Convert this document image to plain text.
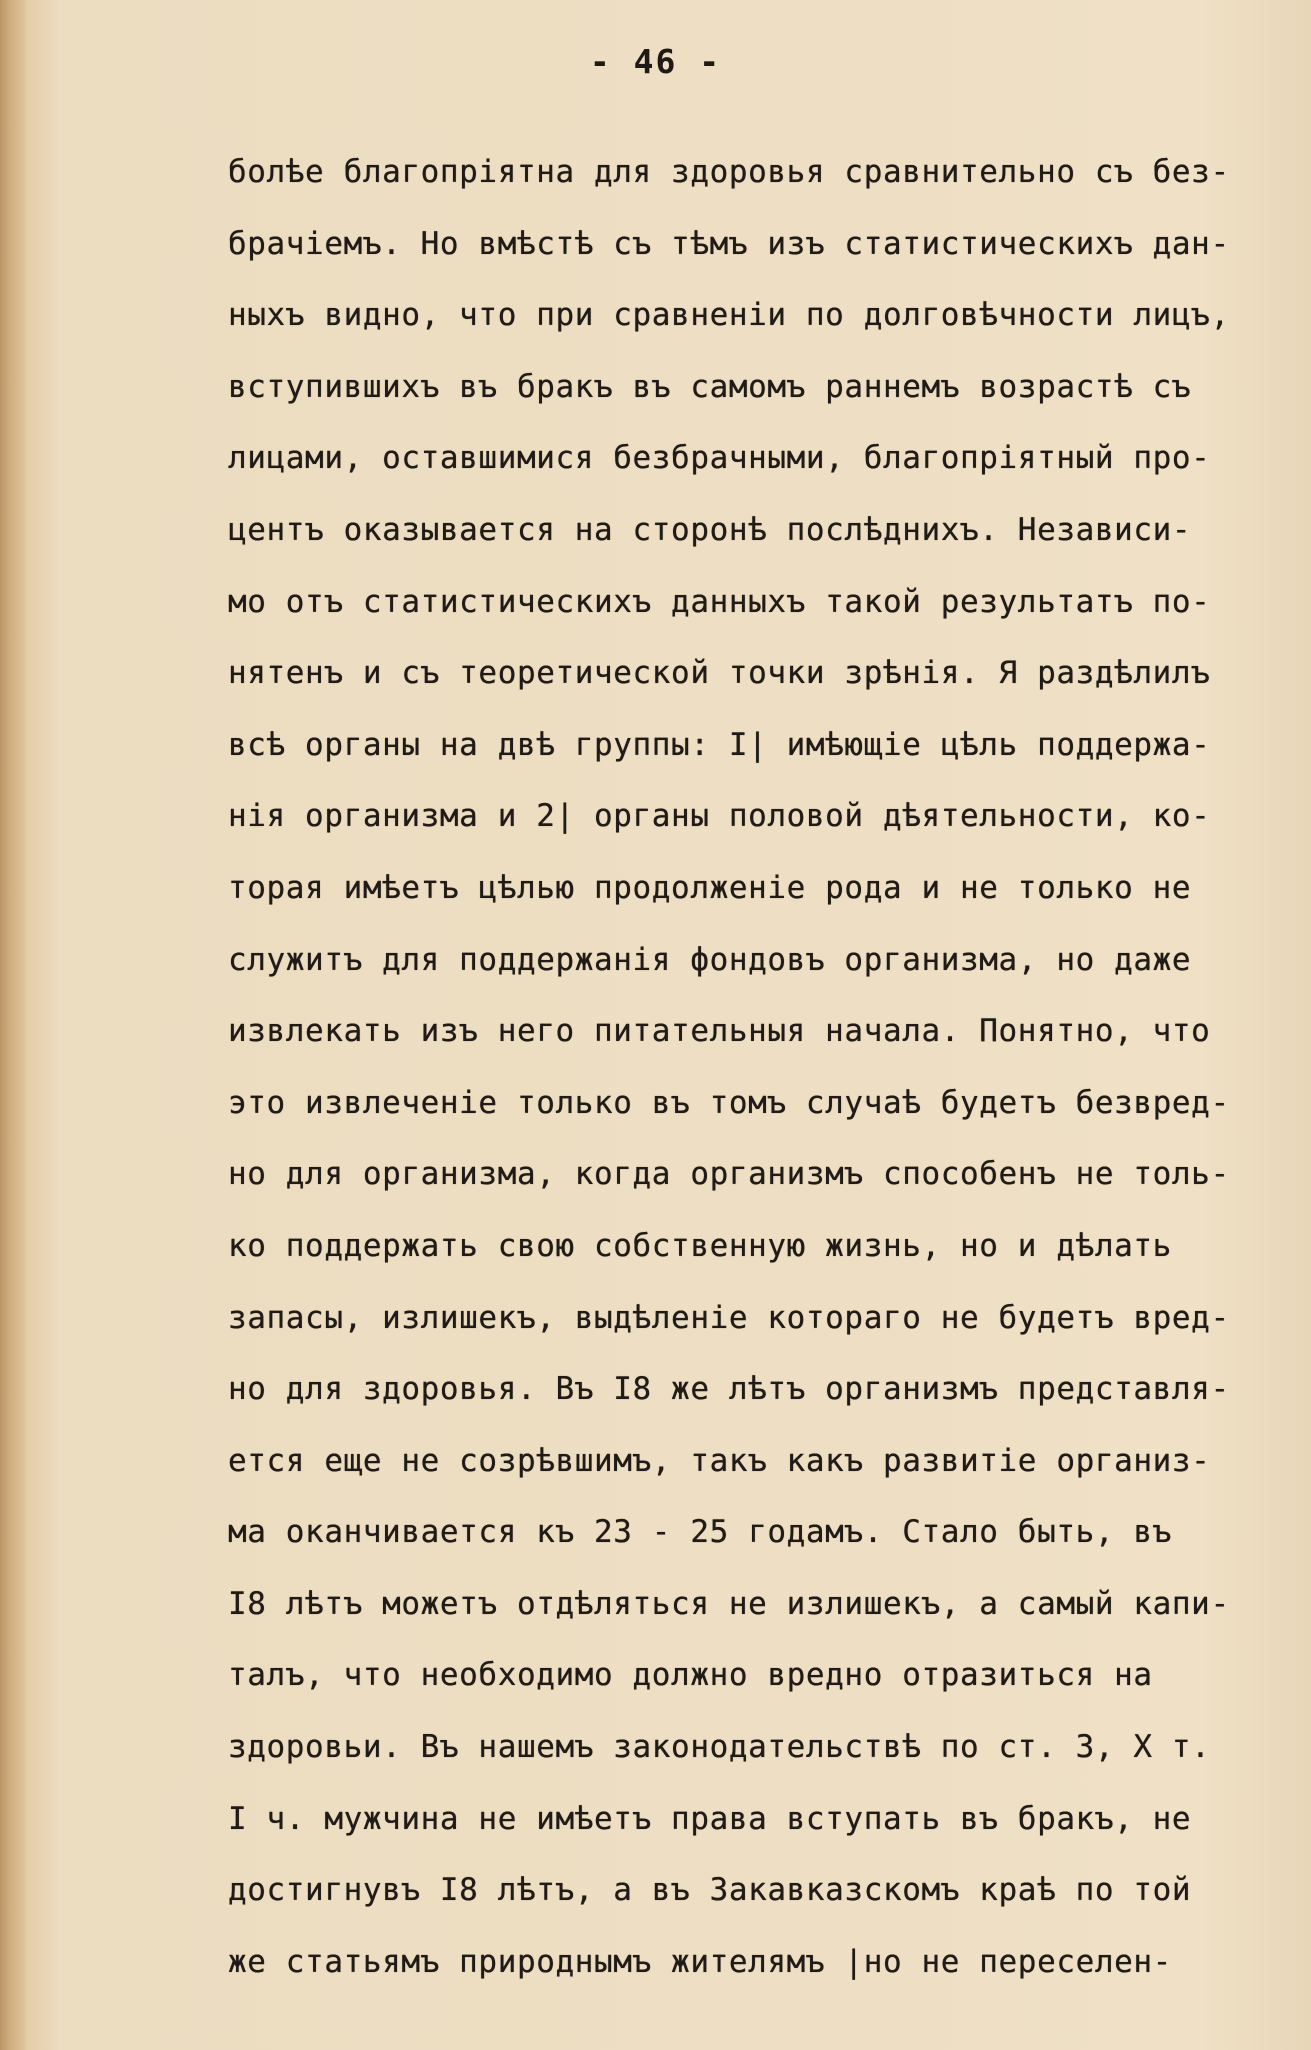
- 46 -
болѣе благопріятна для здоровья сравнительно съ без-
брачіемъ. Но вмѣстѣ съ тѣмъ изъ статистическихъ дан-
ныхъ видно, что при сравненіи по долговѣчности лицъ,
вступившихъ въ бракъ въ самомъ раннемъ возрастѣ съ
лицами, оставшимися безбрачными, благопріятный про-
центъ оказывается на сторонѣ послѣднихъ. Независи-
мо отъ статистическихъ данныхъ такой результатъ по-
нятенъ и съ теоретической точки зрѣнія. Я раздѣлилъ
всѣ органы на двѣ группы: I| имѣющіе цѣль поддержа-
нія организма и 2| органы половой дѣятельности, ко-
торая имѣетъ цѣлью продолженіе рода и не только не
служитъ для поддержанія фондовъ организма, но даже
извлекать изъ него питательныя начала. Понятно, что
это извлеченіе только въ томъ случаѣ будетъ безвред-
но для организма, когда организмъ способенъ не толь-
ко поддержать свою собственную жизнь, но и дѣлать
запасы, излишекъ, выдѣленіе котораго не будетъ вред-
но для здоровья. Въ I8 же лѣтъ организмъ представля-
ется еще не созрѣвшимъ, такъ какъ развитіе организ-
ма оканчивается къ 23 - 25 годамъ. Стало быть, въ
I8 лѣтъ можетъ отдѣляться не излишекъ, а самый капи-
талъ, что необходимо должно вредно отразиться на
здоровьи. Въ нашемъ законодательствѣ по ст. 3, X т.
I ч. мужчина не имѣетъ права вступать въ бракъ, не
достигнувъ I8 лѣтъ, а въ Закавказскомъ краѣ по той
же статьямъ природнымъ жителямъ |но не переселен-
